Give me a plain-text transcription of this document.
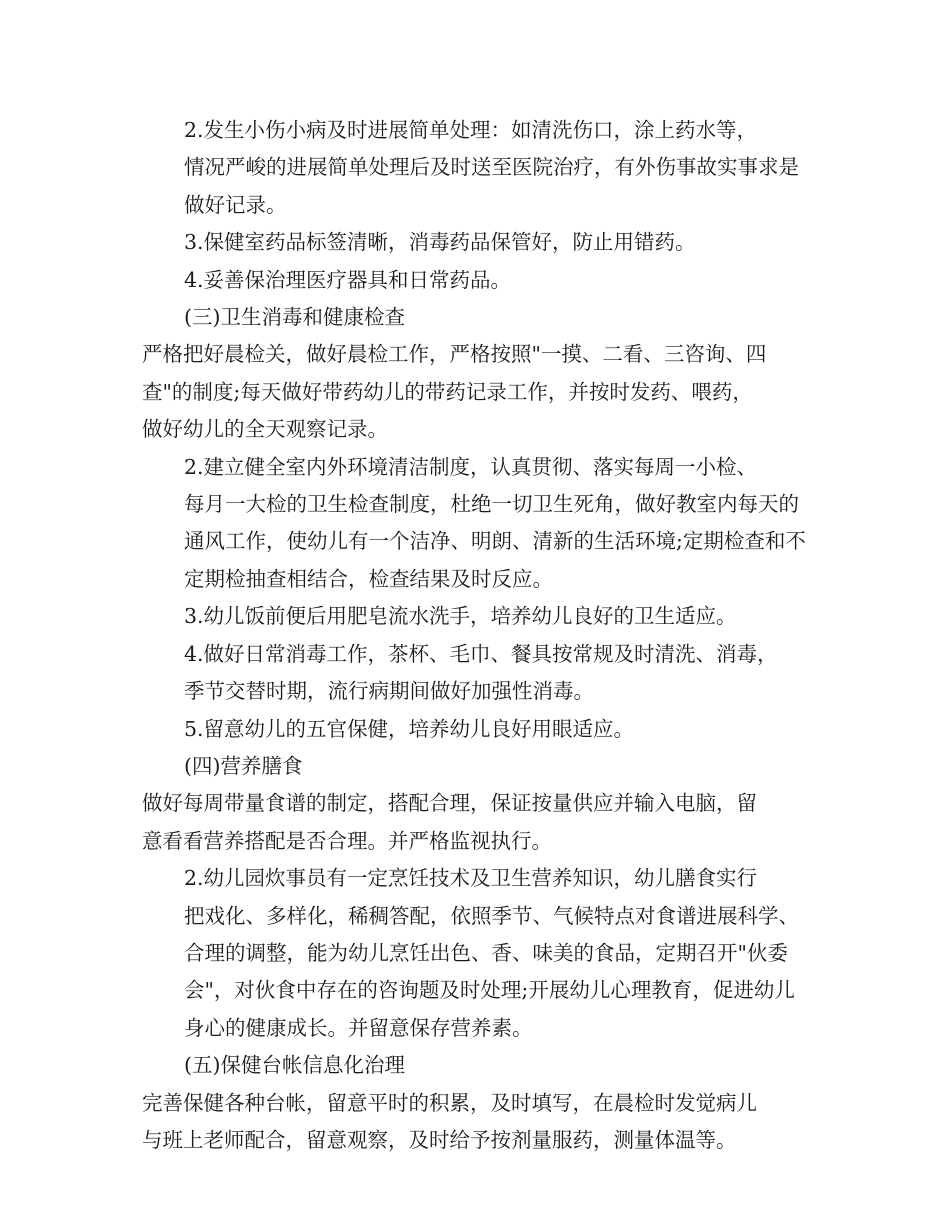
2.发生小伤小病及时进展简单处理：如清洗伤口，涂上药水等，
情况严峻的进展简单处理后及时送至医院治疗，有外伤事故实事求是
做好记录。

3.保健室药品标签清晰，消毒药品保管好，防止用错药。

4.妥善保治理医疗器具和日常药品。

(三)卫生消毒和健康检查

严格把好晨检关，做好晨检工作，严格按照"一摸、二看、三咨询、四
查"的制度;每天做好带药幼儿的带药记录工作，并按时发药、喂药，
做好幼儿的全天观察记录。

2.建立健全室内外环境清洁制度，认真贯彻、落实每周一小检、
每月一大检的卫生检查制度，杜绝一切卫生死角，做好教室内每天的
通风工作，使幼儿有一个洁净、明朗、清新的生活环境;定期检查和不
定期检抽查相结合，检查结果及时反应。

3.幼儿饭前便后用肥皂流水洗手，培养幼儿良好的卫生适应。

4.做好日常消毒工作，茶杯、毛巾、餐具按常规及时清洗、消毒，
季节交替时期，流行病期间做好加强性消毒。

5.留意幼儿的五官保健，培养幼儿良好用眼适应。

(四)营养膳食

做好每周带量食谱的制定，搭配合理，保证按量供应并输入电脑，留
意看看营养搭配是否合理。并严格监视执行。

2.幼儿园炊事员有一定烹饪技术及卫生营养知识，幼儿膳食实行
把戏化、多样化，稀稠答配，依照季节、气候特点对食谱进展科学、
合理的调整，能为幼儿烹饪出色、香、味美的食品，定期召开"伙委
会"，对伙食中存在的咨询题及时处理;开展幼儿心理教育，促进幼儿
身心的健康成长。并留意保存营养素。

(五)保健台帐信息化治理

完善保健各种台帐，留意平时的积累，及时填写，在晨检时发觉病儿
与班上老师配合，留意观察，及时给予按剂量服药，测量体温等。
